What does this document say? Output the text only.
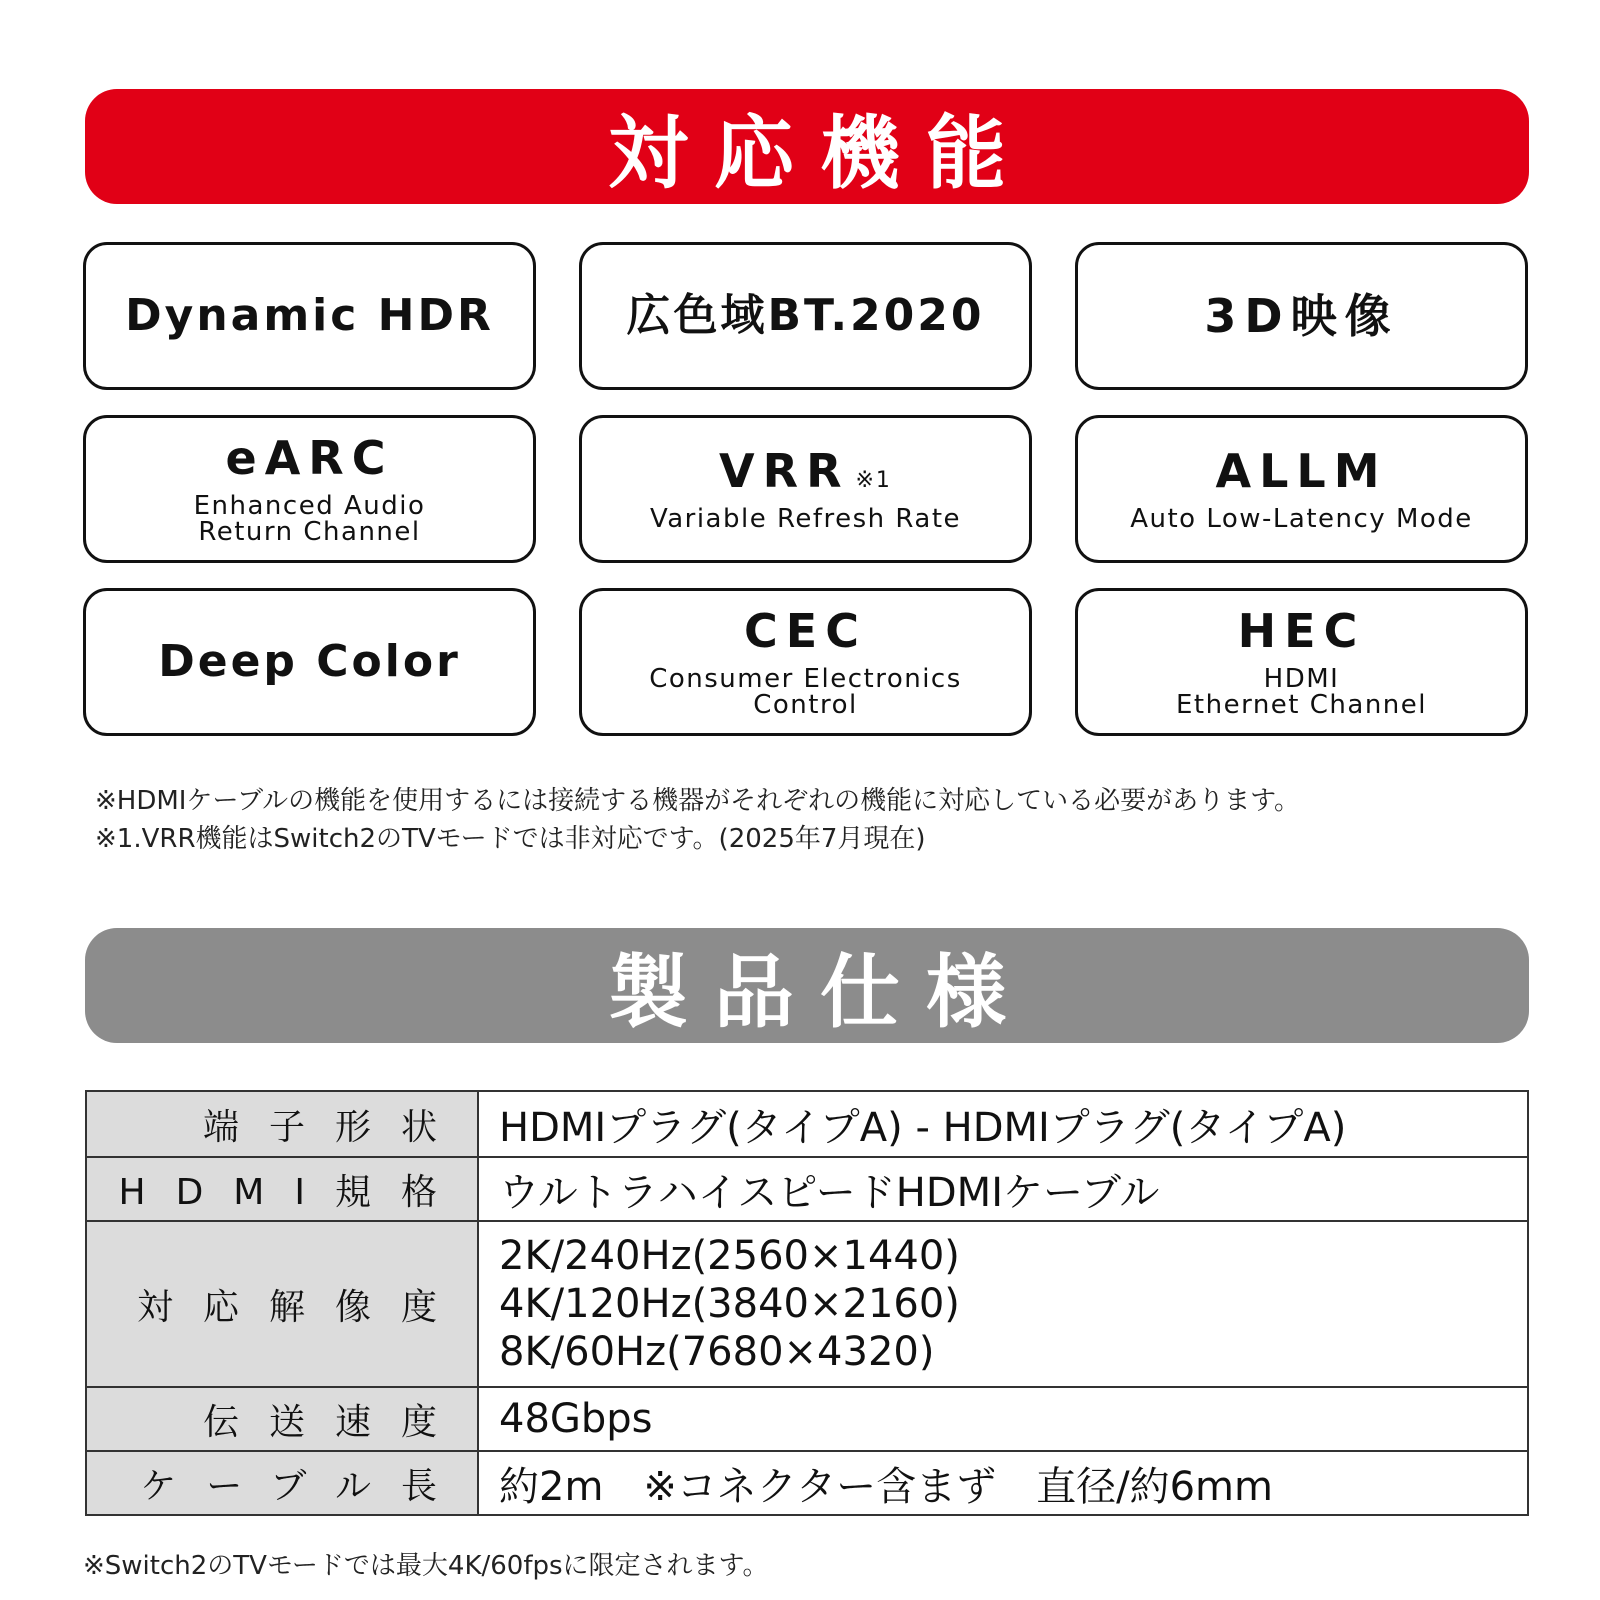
対応機能
Dynamic HDR	広色域BT.2020	3D映像
eARC
Enhanced Audio
Return Channel
VRR ※1
Variable Refresh Rate
ALLM
Auto Low-Latency Mode
Deep Color
CEC
Consumer Electronics
Control
HEC
HDMI
Ethernet Channel
※HDMIケーブルの機能を使用するには接続する機器がそれぞれの機能に対応している必要があります。
※1.VRR機能はSwitch2のTVモードでは非対応です。(2025年7月現在)
製品仕様
端子形状	HDMIプラグ(タイプA) - HDMIプラグ(タイプA)
HDMI規格	ウルトラハイスピードHDMIケーブル
対応解像度	2K/240Hz(2560×1440)
4K/120Hz(3840×2160)
8K/60Hz(7680×4320)

伝送速度	48Gbps
ケーブル長	約2m　※コネクター含まず　直径/約6mm
※Switch2のTVモードでは最大4K/60fpsに限定されます。
